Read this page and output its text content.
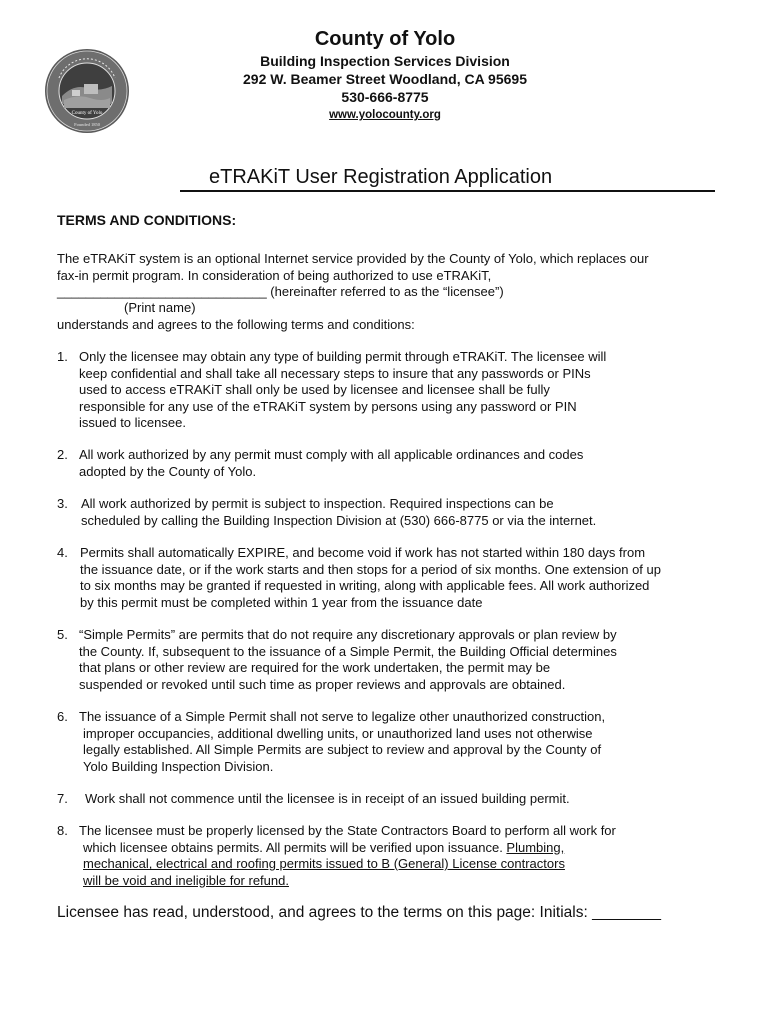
County of Yolo
Founded 1850
County of Yolo
Building Inspection Services Division
292 W. Beamer Street Woodland, CA 95695
530-666-8775
www.yolocounty.org
eTRAKiT User Registration Application
TERMS AND CONDITIONS:
The eTRAKiT system is an optional Internet service provided by the County of Yolo, which replaces our
fax-in permit program. In consideration of being authorized to use eTRAKiT,
_____________________________ (hereinafter referred to as the “licensee”)
(Print name)
understands and agrees to the following terms and conditions:
1. Only the licensee may obtain any type of building permit through eTRAKiT. The licensee will
keep confidential and shall take all necessary steps to insure that any passwords or PINs
used to access eTRAKiT shall only be used by licensee and licensee shall be fully
responsible for any use of the eTRAKiT system by persons using any password or PIN
issued to licensee.
2. All work authorized by any permit must comply with all applicable ordinances and codes
adopted by the County of Yolo.
3. All work authorized by permit is subject to inspection. Required inspections can be
scheduled by calling the Building Inspection Division at (530) 666-8775 or via the internet.
4. Permits shall automatically EXPIRE, and become void if work has not started within 180 days from
the issuance date, or if the work starts and then stops for a period of six months. One extension of up
to six months may be granted if requested in writing, along with applicable fees. All work authorized
by this permit must be completed within 1 year from the issuance date
5. “Simple Permits” are permits that do not require any discretionary approvals or plan review by
the County. If, subsequent to the issuance of a Simple Permit, the Building Official determines
that plans or other review are required for the work undertaken, the permit may be
suspended or revoked until such time as proper reviews and approvals are obtained.
6. The issuance of a Simple Permit shall not serve to legalize other unauthorized construction,
improper occupancies, additional dwelling units, or unauthorized land uses not otherwise
legally established. All Simple Permits are subject to review and approval by the County of
Yolo Building Inspection Division.
7. Work shall not commence until the licensee is in receipt of an issued building permit.
8. The licensee must be properly licensed by the State Contractors Board to perform all work for
which licensee obtains permits. All permits will be verified upon issuance. Plumbing,
mechanical, electrical and roofing permits issued to B (General) License contractors
will be void and ineligible for refund.
Licensee has read, understood, and agrees to the terms on this page: Initials: ________
